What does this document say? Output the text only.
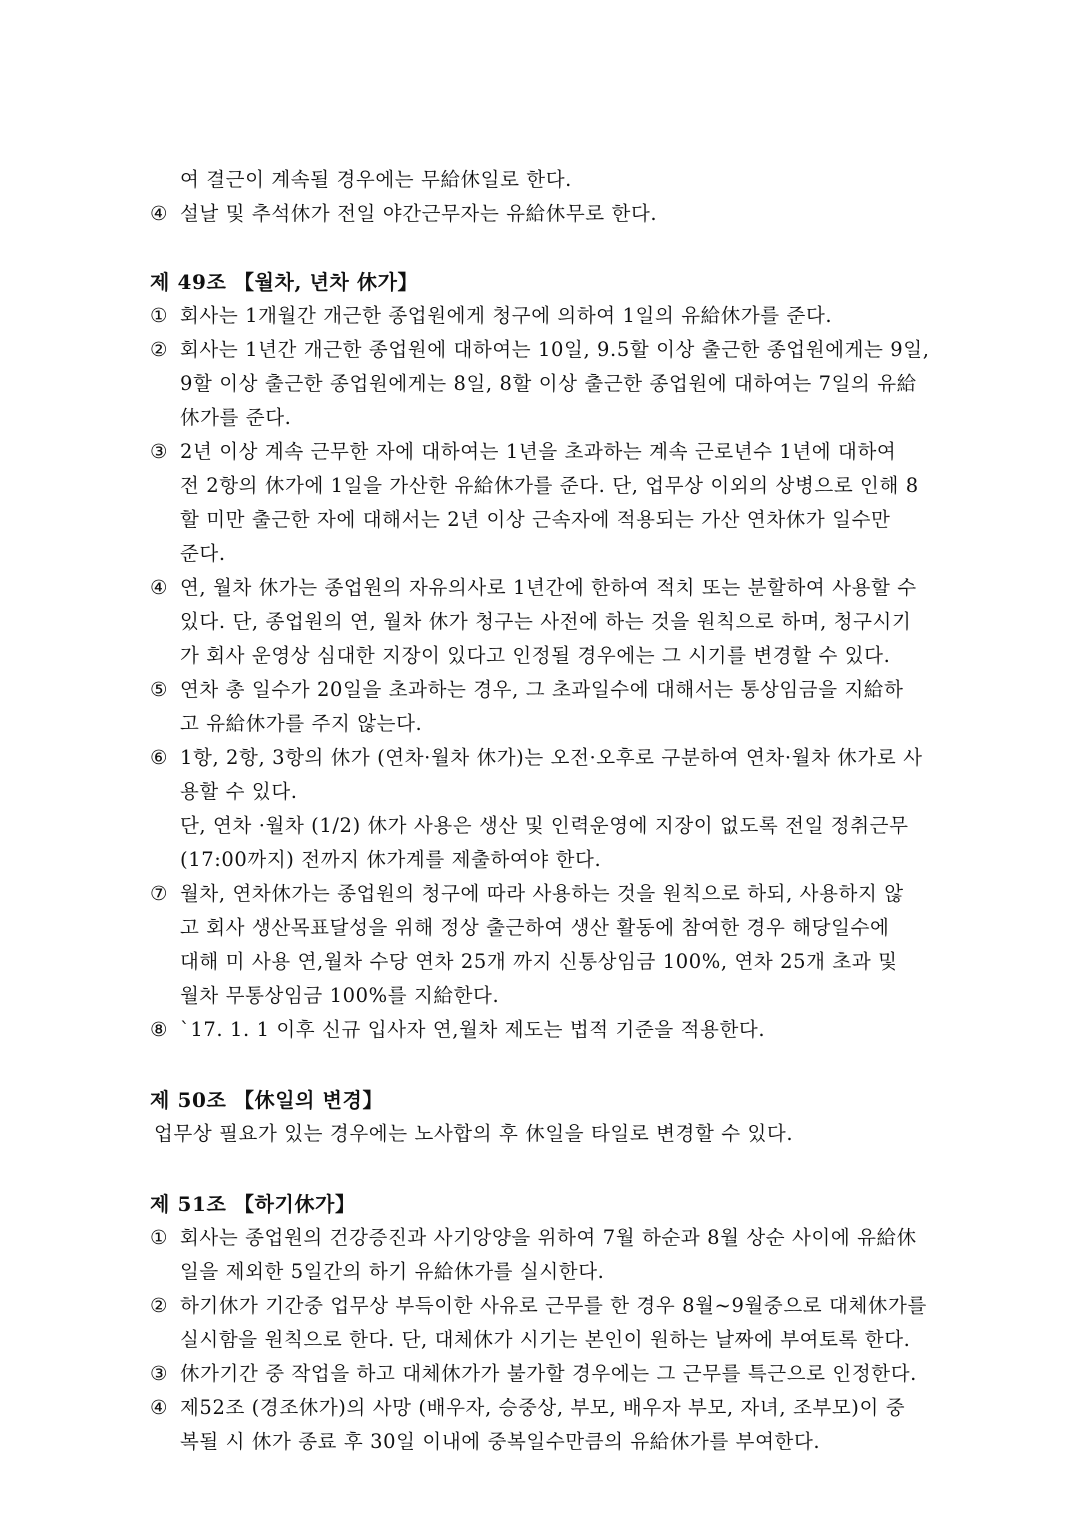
여 결근이 계속될 경우에는 무給休일로 한다.
④ 설날 및 추석休가 전일 야간근무자는 유給休무로 한다.
제 49조 【월차, 년차 休가】
① 회사는 1개월간 개근한 종업원에게 청구에 의하여 1일의 유給休가를 준다.
② 회사는 1년간 개근한 종업원에 대하여는 10일, 9.5할 이상 출근한 종업원에게는 9일,
9할 이상 출근한 종업원에게는 8일, 8할 이상 출근한 종업원에 대하여는 7일의 유給
休가를 준다.
③ 2년 이상 계속 근무한 자에 대하여는 1년을 초과하는 계속 근로년수 1년에 대하여
전 2항의 休가에 1일을 가산한 유給休가를 준다. 단, 업무상 이외의 상병으로 인해 8
할 미만 출근한 자에 대해서는 2년 이상 근속자에 적용되는 가산 연차休가 일수만
준다.
④ 연, 월차 休가는 종업원의 자유의사로 1년간에 한하여 적치 또는 분할하여 사용할 수
있다. 단, 종업원의 연, 월차 休가 청구는 사전에 하는 것을 원칙으로 하며, 청구시기
가 회사 운영상 심대한 지장이 있다고 인정될 경우에는 그 시기를 변경할 수 있다.
⑤ 연차 총 일수가 20일을 초과하는 경우, 그 초과일수에 대해서는 통상임금을 지給하
고 유給休가를 주지 않는다.
⑥ 1항, 2항, 3항의 休가 (연차·월차 休가)는 오전·오후로 구분하여 연차·월차 休가로 사
용할 수 있다.
단, 연차 ·월차 (1/2) 休가 사용은 생산 및 인력운영에 지장이 없도록 전일 정취근무
(17:00까지) 전까지 休가계를 제출하여야 한다.
⑦ 월차, 연차休가는 종업원의 청구에 따라 사용하는 것을 원칙으로 하되, 사용하지 않
고 회사 생산목표달성을 위해 정상 출근하여 생산 활동에 참여한 경우 해당일수에
대해 미 사용 연,월차 수당 연차 25개 까지 신통상임금 100%, 연차 25개 초과 및
월차 무통상임금 100%를 지給한다.
⑧ `17. 1. 1 이후 신규 입사자 연,월차 제도는 법적 기준을 적용한다.
제 50조 【休일의 변경】
업무상 필요가 있는 경우에는 노사합의 후 休일을 타일로 변경할 수 있다.
제 51조 【하기休가】
① 회사는 종업원의 건강증진과 사기앙양을 위하여 7월 하순과 8월 상순 사이에 유給休
일을 제외한 5일간의 하기 유給休가를 실시한다.
② 하기休가 기간중 업무상 부득이한 사유로 근무를 한 경우 8월~9월중으로 대체休가를
실시함을 원칙으로 한다. 단, 대체休가 시기는 본인이 원하는 날짜에 부여토록 한다.
③ 休가기간 중 작업을 하고 대체休가가 불가할 경우에는 그 근무를 특근으로 인정한다.
④ 제52조 (경조休가)의 사망 (배우자, 승중상, 부모, 배우자 부모, 자녀, 조부모)이 중
복될 시 休가 종료 후 30일 이내에 중복일수만큼의 유給休가를 부여한다.
